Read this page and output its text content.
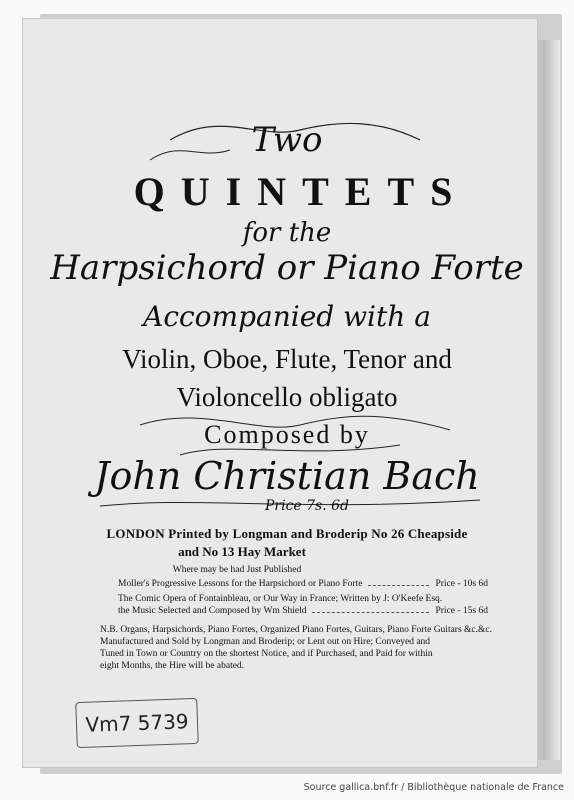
Two
QUINTETS
for the
Harpsichord or Piano Forte
Accompanied with a
Violin, Oboe, Flute, Tenor and
Violoncello obligato
Composed by
John Christian Bach
Price 7s. 6d
LONDON Printed by Longman and Broderip No 26 Cheapside
and No 13 Hay Market
Where may be had Just Published
Moller's Progressive Lessons for the Harpsichord or Piano Forte	Price - 10s 6d
The Comic Opera of Fontainbleau, or Our Way in France; Written by J: O'Keefe Esq.
the Music Selected and Composed by Wm Shield	Price - 15s 6d
N.B. Organs, Harpsichords, Piano Fortes, Organized Piano Fortes, Guitars, Piano Forte Guitars &c.&c.
Manufactured and Sold by Longman and Broderip; or Lent out on Hire; Conveyed and
Tuned in Town or Country on the shortest Notice, and if Purchased, and Paid for within
eight Months, the Hire will be abated.
Vm7 5739
Source gallica.bnf.fr / Bibliothèque nationale de France
